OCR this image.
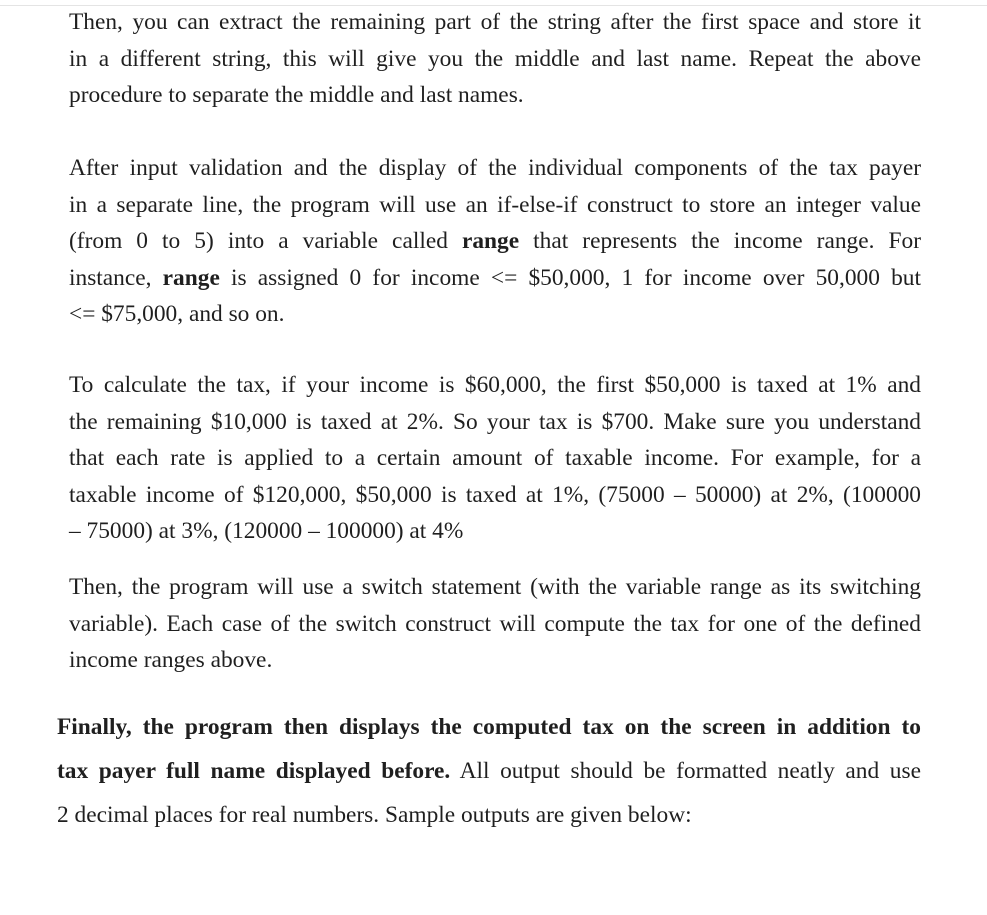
Then, you can extract the remaining part of the string after the first space and store it
in a different string, this will give you the middle and last name. Repeat the above
procedure to separate the middle and last names.
After input validation and the display of the individual components of the tax payer
in a separate line, the program will use an if-else-if construct to store an integer value
(from 0 to 5) into a variable called range that represents the income range. For
instance, range is assigned 0 for income <= $50,000, 1 for income over 50,000 but
<= $75,000, and so on.
To calculate the tax, if your income is $60,000, the first $50,000 is taxed at 1% and
the remaining $10,000 is taxed at 2%. So your tax is $700. Make sure you understand
that each rate is applied to a certain amount of taxable income. For example, for a
taxable income of $120,000, $50,000 is taxed at 1%, (75000 – 50000) at 2%, (100000
– 75000) at 3%, (120000 – 100000) at 4%
Then, the program will use a switch statement (with the variable range as its switching
variable). Each case of the switch construct will compute the tax for one of the defined
income ranges above.
Finally, the program then displays the computed tax on the screen in addition to
tax payer full name displayed before. All output should be formatted neatly and use
2 decimal places for real numbers. Sample outputs are given below:
